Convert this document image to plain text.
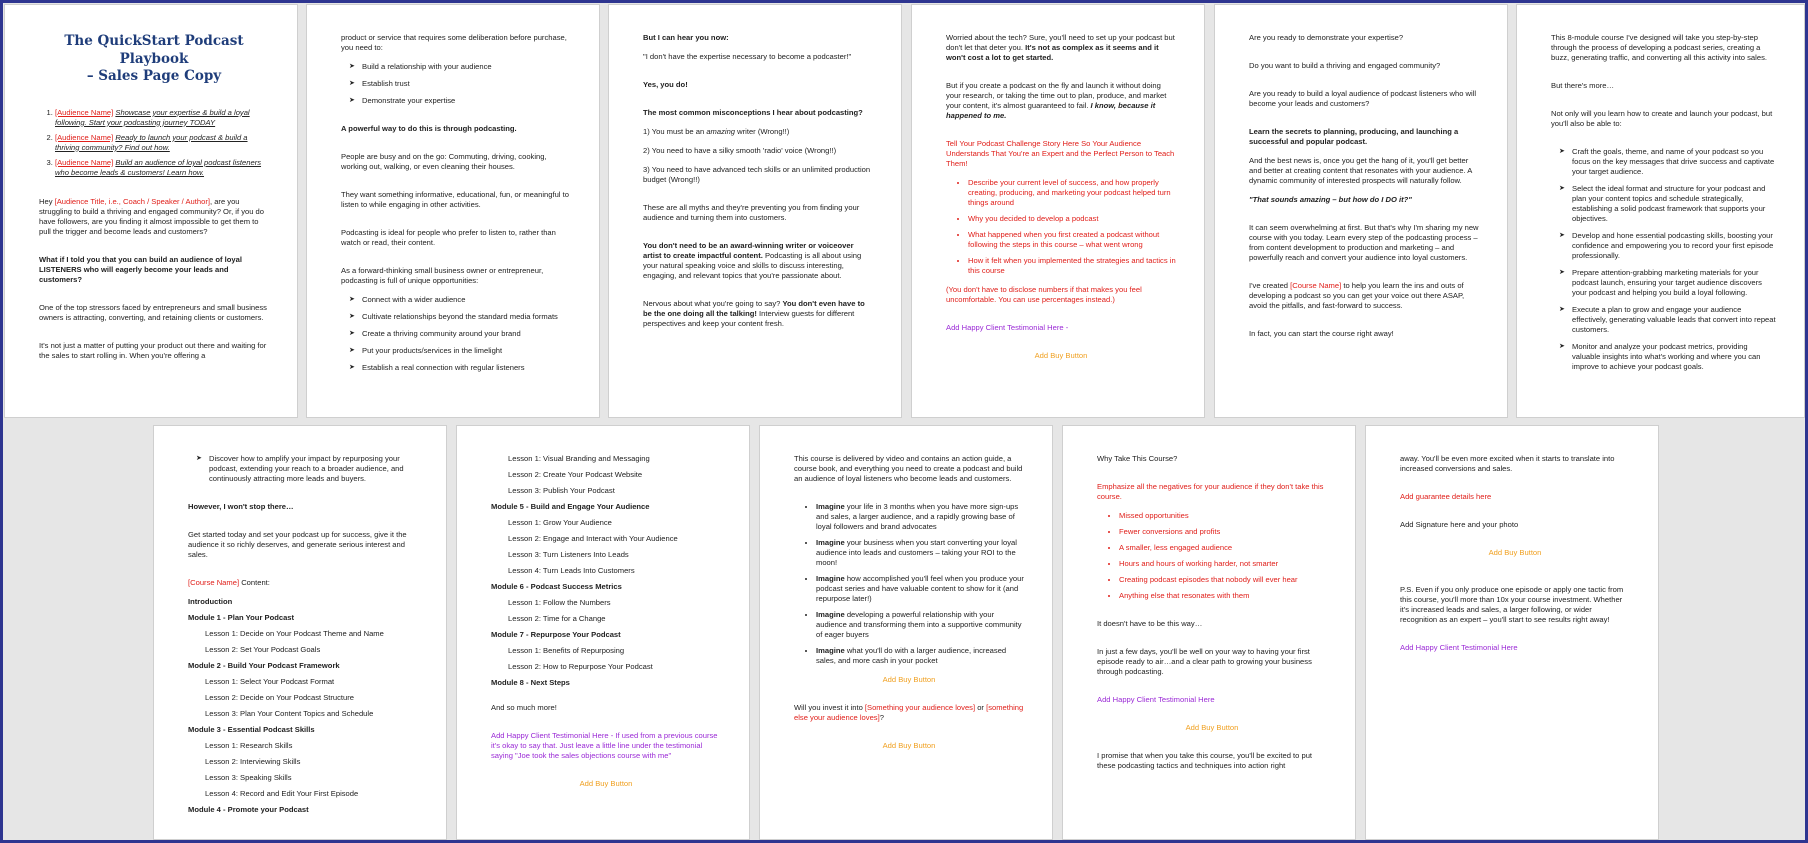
The QuickStart Podcast Playbook
– Sales Page Copy
1. [Audience Name] Showcase your expertise & build a loyal following. Start your podcasting journey TODAY
2. [Audience Name] Ready to launch your podcast & build a thriving community? Find out how.
3. [Audience Name] Build an audience of loyal podcast listeners who become leads & customers! Learn how.

Hey [Audience Title, i.e., Coach / Speaker / Author], are you struggling to build a thriving and engaged community? Or, if you do have followers, are you finding it almost impossible to get them to pull the trigger and become leads and customers?

What if I told you that you can build an audience of loyal LISTENERS who will eagerly become your leads and customers?

One of the top stressors faced by entrepreneurs and small business owners is attracting, converting, and retaining clients or customers.

It's not just a matter of putting your product out there and waiting for the sales to start rolling in. When you're offering a

product or service that requires some deliberation before purchase, you need to:

➤ Build a relationship with your audience
➤ Establish trust
➤ Demonstrate your expertise

A powerful way to do this is through podcasting.

People are busy and on the go: Commuting, driving, cooking, working out, walking, or even cleaning their houses.

They want something informative, educational, fun, or meaningful to listen to while engaging in other activities.

Podcasting is ideal for people who prefer to listen to, rather than watch or read, their content.

As a forward-thinking small business owner or entrepreneur, podcasting is full of unique opportunities:

➤ Connect with a wider audience
➤ Cultivate relationships beyond the standard media formats
➤ Create a thriving community around your brand
➤ Put your products/services in the limelight
➤ Establish a real connection with regular listeners

But I can hear you now:

"I don't have the expertise necessary to become a podcaster!"

Yes, you do!

The most common misconceptions I hear about podcasting?

1) You must be an amazing writer (Wrong!!)

2) You need to have a silky smooth 'radio' voice (Wrong!!)

3) You need to have advanced tech skills or an unlimited production budget (Wrong!!)

These are all myths and they're preventing you from finding your audience and turning them into customers.

You don't need to be an award-winning writer or voiceover artist to create impactful content. Podcasting is all about using your natural speaking voice and skills to discuss interesting, engaging, and relevant topics that you're passionate about.

Nervous about what you're going to say? You don't even have to be the one doing all the talking! Interview guests for different perspectives and keep your content fresh.

Worried about the tech? Sure, you'll need to set up your podcast but don't let that deter you. It's not as complex as it seems and it won't cost a lot to get started.

But if you create a podcast on the fly and launch it without doing your research, or taking the time out to plan, produce, and market your content, it's almost guaranteed to fail. I know, because it happened to me.

Tell Your Podcast Challenge Story Here So Your Audience Understands That You're an Expert and the Perfect Person to Teach Them!

• Describe your current level of success, and how properly creating, producing, and marketing your podcast helped turn things around
• Why you decided to develop a podcast
• What happened when you first created a podcast without following the steps in this course – what went wrong
• How it felt when you implemented the strategies and tactics in this course

(You don't have to disclose numbers if that makes you feel uncomfortable. You can use percentages instead.)

Add Happy Client Testimonial Here -

Add Buy Button

Are you ready to demonstrate your expertise?

Do you want to build a thriving and engaged community?

Are you ready to build a loyal audience of podcast listeners who will become your leads and customers?

Learn the secrets to planning, producing, and launching a successful and popular podcast.

And the best news is, once you get the hang of it, you'll get better and better at creating content that resonates with your audience. A dynamic community of interested prospects will naturally follow.

"That sounds amazing – but how do I DO it?"

It can seem overwhelming at first. But that's why I'm sharing my new course with you today. Learn every step of the podcasting process – from content development to production and marketing – and powerfully reach and convert your audience into loyal customers.

I've created [Course Name] to help you learn the ins and outs of developing a podcast so you can get your voice out there ASAP, avoid the pitfalls, and fast-forward to success.

In fact, you can start the course right away!

This 8-module course I've designed will take you step-by-step through the process of developing a podcast series, creating a buzz, generating traffic, and converting all this activity into sales.

But there's more…

Not only will you learn how to create and launch your podcast, but you'll also be able to:

➤ Craft the goals, theme, and name of your podcast so you focus on the key messages that drive success and captivate your target audience.
➤ Select the ideal format and structure for your podcast and plan your content topics and schedule strategically, establishing a solid podcast framework that supports your objectives.
➤ Develop and hone essential podcasting skills, boosting your confidence and empowering you to record your first episode professionally.
➤ Prepare attention-grabbing marketing materials for your podcast launch, ensuring your target audience discovers your podcast and helping you build a loyal following.
➤ Execute a plan to grow and engage your audience effectively, generating valuable leads that convert into repeat customers.
➤ Monitor and analyze your podcast metrics, providing valuable insights into what's working and where you can improve to achieve your podcast goals.
➤ Discover how to amplify your impact by repurposing your podcast, extending your reach to a broader audience, and continuously attracting more leads and buyers.

However, I won't stop there…

Get started today and set your podcast up for success, give it the audience it so richly deserves, and generate serious interest and sales.

[Course Name] Content:

Introduction
Module 1 - Plan Your Podcast
Lesson 1: Decide on Your Podcast Theme and Name
Lesson 2: Set Your Podcast Goals
Module 2 - Build Your Podcast Framework
Lesson 1: Select Your Podcast Format
Lesson 2: Decide on Your Podcast Structure
Lesson 3: Plan Your Content Topics and Schedule
Module 3 - Essential Podcast Skills
Lesson 1: Research Skills
Lesson 2: Interviewing Skills
Lesson 3: Speaking Skills
Lesson 4: Record and Edit Your First Episode
Module 4 - Promote your Podcast
Lesson 1: Visual Branding and Messaging
Lesson 2: Create Your Podcast Website
Lesson 3: Publish Your Podcast
Module 5 - Build and Engage Your Audience
Lesson 1: Grow Your Audience
Lesson 2: Engage and Interact with Your Audience
Lesson 3: Turn Listeners Into Leads
Lesson 4: Turn Leads Into Customers
Module 6 - Podcast Success Metrics
Lesson 1: Follow the Numbers
Lesson 2: Time for a Change
Module 7 - Repurpose Your Podcast
Lesson 1: Benefits of Repurposing
Lesson 2: How to Repurpose Your Podcast
Module 8 - Next Steps

And so much more!

Add Happy Client Testimonial Here - If used from a previous course it's okay to say that. Just leave a little line under the testimonial saying "Joe took the sales objections course with me"

Add Buy Button

This course is delivered by video and contains an action guide, a course book, and everything you need to create a podcast and build an audience of loyal listeners who become leads and customers.

• Imagine your life in 3 months when you have more sign-ups and sales, a larger audience, and a rapidly growing base of loyal followers and brand advocates
• Imagine your business when you start converting your loyal audience into leads and customers – taking your ROI to the moon!
• Imagine how accomplished you'll feel when you produce your podcast series and have valuable content to show for it (and repurpose later!)
• Imagine developing a powerful relationship with your audience and transforming them into a supportive community of eager buyers
• Imagine what you'll do with a larger audience, increased sales, and more cash in your pocket

Add Buy Button

Will you invest it into [Something your audience loves] or [something else your audience loves]?

Add Buy Button

Why Take This Course?

Emphasize all the negatives for your audience if they don't take this course.

• Missed opportunities
• Fewer conversions and profits
• A smaller, less engaged audience
• Hours and hours of working harder, not smarter
• Creating podcast episodes that nobody will ever hear
• Anything else that resonates with them

It doesn't have to be this way…

In just a few days, you'll be well on your way to having your first episode ready to air…and a clear path to growing your business through podcasting.

Add Happy Client Testimonial Here

Add Buy Button

I promise that when you take this course, you'll be excited to put these podcasting tactics and techniques into action right

away. You'll be even more excited when it starts to translate into increased conversions and sales.

Add guarantee details here

Add Signature here and your photo

Add Buy Button

P.S. Even if you only produce one episode or apply one tactic from this course, you'll more than 10x your course investment. Whether it's increased leads and sales, a larger following, or wider recognition as an expert – you'll start to see results right away!

Add Happy Client Testimonial Here
